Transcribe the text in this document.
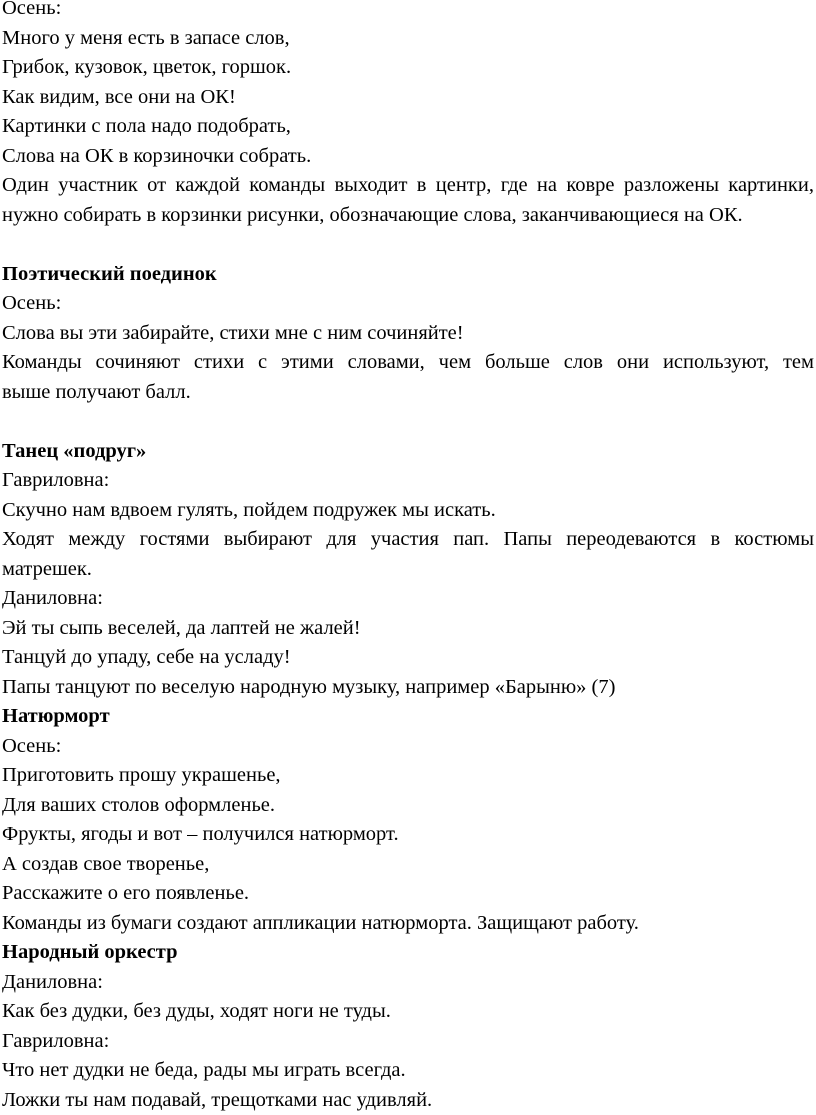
Осень:
Много у меня есть в запасе слов,
Грибок, кузовок, цветок, горшок.
Как видим, все они на ОК!
Картинки с пола надо подобрать,
Слова на ОК в корзиночки собрать.
Один участник от каждой команды выходит в центр, где на ковре разложены картинки,
нужно собирать в корзинки рисунки, обозначающие слова, заканчивающиеся на ОК.
Поэтический поединок
Осень:
Слова вы эти забирайте, стихи мне с ним сочиняйте!
Команды сочиняют стихи с этими словами, чем больше слов они используют, тем
выше получают балл.
Танец «подруг»
Гавриловна:
Скучно нам вдвоем гулять, пойдем подружек мы искать.
Ходят между гостями выбирают для участия пап. Папы переодеваются в костюмы
матрешек.
Даниловна:
Эй ты сыпь веселей, да лаптей не жалей!
Танцуй до упаду, себе на усладу!
Папы танцуют по веселую народную музыку, например «Барыню» (7)
Натюрморт
Осень:
Приготовить прошу украшенье,
Для ваших столов оформленье.
Фрукты, ягоды и вот – получился натюрморт.
А создав свое творенье,
Расскажите о его появленье.
Команды из бумаги создают аппликации натюрморта. Защищают работу.
Народный оркестр
Даниловна:
Как без дудки, без дуды, ходят ноги не туды.
Гавриловна:
Что нет дудки не беда, рады мы играть всегда.
Ложки ты нам подавай, трещотками нас удивляй.
